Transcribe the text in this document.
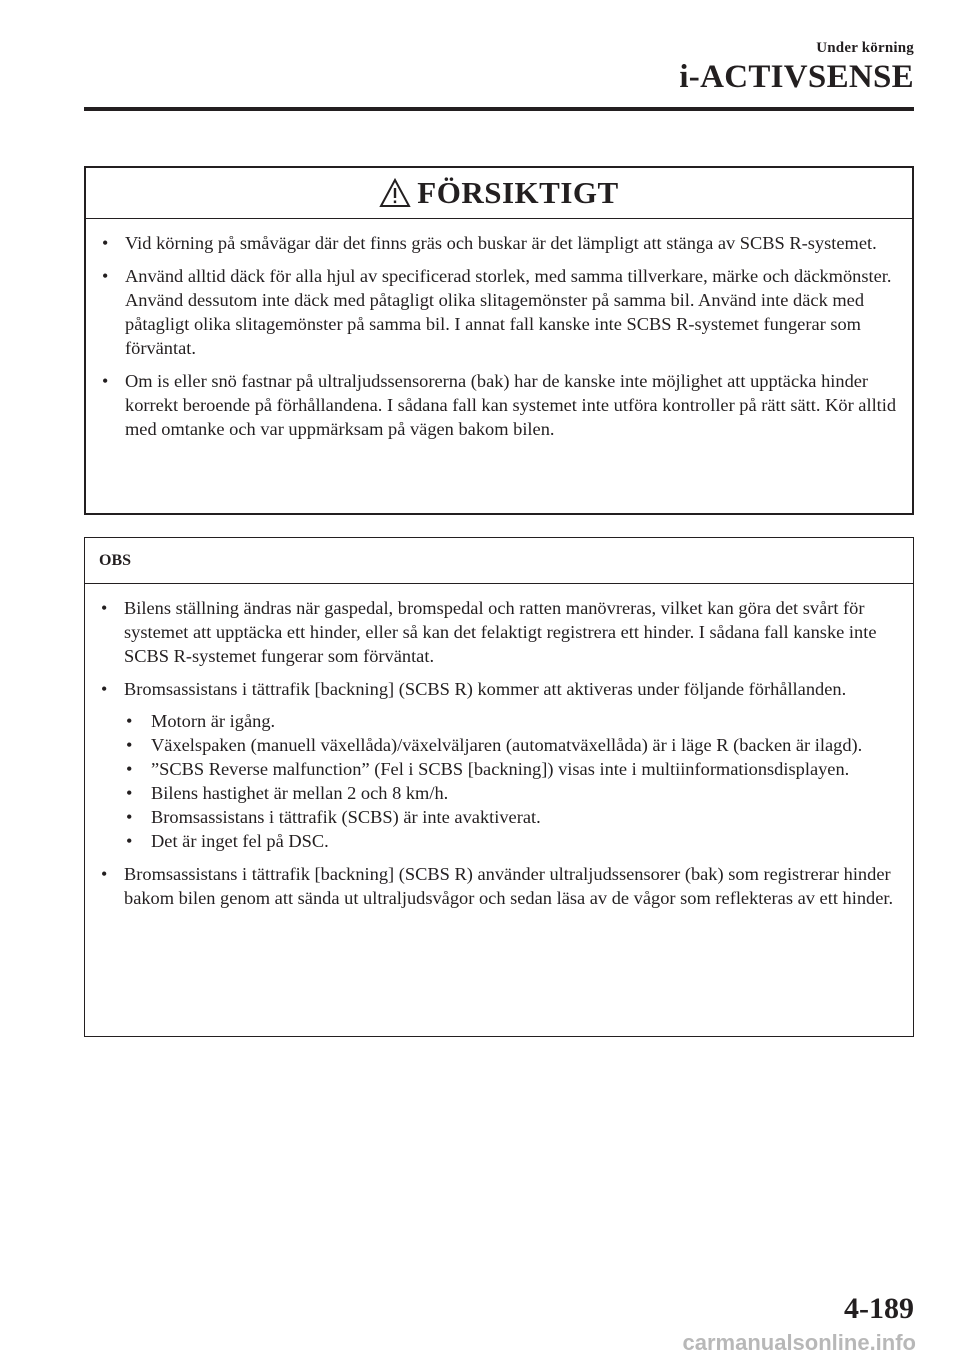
Under körning
i-ACTIVSENSE
FÖRSIKTIGT
• Vid körning på småvägar där det finns gräs och buskar är det lämpligt att stänga av SCBS R-systemet.
• Använd alltid däck för alla hjul av specificerad storlek, med samma tillverkare, märke och däckmönster. Använd dessutom inte däck med påtagligt olika slitagemönster på samma bil. Använd inte däck med påtagligt olika slitagemönster på samma bil. I annat fall kanske inte SCBS R-systemet fungerar som förväntat.
• Om is eller snö fastnar på ultraljudssensorerna (bak) har de kanske inte möjlighet att upptäcka hinder korrekt beroende på förhållandena. I sådana fall kan systemet inte utföra kontroller på rätt sätt. Kör alltid med omtanke och var uppmärksam på vägen bakom bilen.
OBS
• Bilens ställning ändras när gaspedal, bromspedal och ratten manövreras, vilket kan göra det svårt för systemet att upptäcka ett hinder, eller så kan det felaktigt registrera ett hinder. I sådana fall kanske inte SCBS R-systemet fungerar som förväntat.
• Bromsassistans i tättrafik [backning] (SCBS R) kommer att aktiveras under följande förhållanden.
• Motorn är igång.
• Växelspaken (manuell växellåda)/växelväljaren (automatväxellåda) är i läge R (backen är ilagd).
• ”SCBS Reverse malfunction” (Fel i SCBS [backning]) visas inte i multiinformationsdisplayen.
• Bilens hastighet är mellan 2 och 8 km/h.
• Bromsassistans i tättrafik (SCBS) är inte avaktiverat.
• Det är inget fel på DSC.
• Bromsassistans i tättrafik [backning] (SCBS R) använder ultraljudssensorer (bak) som registrerar hinder bakom bilen genom att sända ut ultraljudsvågor och sedan läsa av de vågor som reflekteras av ett hinder.
4-189
carmanualsonline.info
